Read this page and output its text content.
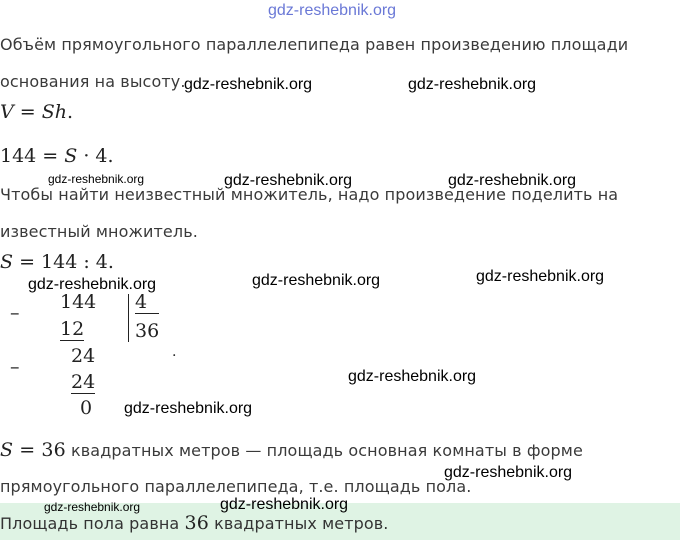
gdz-reshebnik.org
Объём прямоугольного параллелепипеда равен произведению площади
основания на высоту.
V = Sh.
144 = S · 4.
Чтобы найти неизвестный множитель, надо произведение поделить на
известный множитель.
S = 144 : 4.
– 144
12
4
36
–	24
24
0
.
S = 36 квадратных метров — площадь основная комнаты в форме
прямоугольного параллелепипеда, т.е. площадь пола.
Площадь пола равна 36 квадратных метров.
gdz-reshebnik.org	gdz-reshebnik.org
gdz-reshebnik.org	gdz-reshebnik.org	gdz-reshebnik.org
gdz-reshebnik.org
gdz-reshebnik.org
gdz-reshebnik.org
gdz-reshebnik.org
gdz-reshebnik.org
gdz-reshebnik.org
gdz-reshebnik.org
gdz-reshebnik.org
